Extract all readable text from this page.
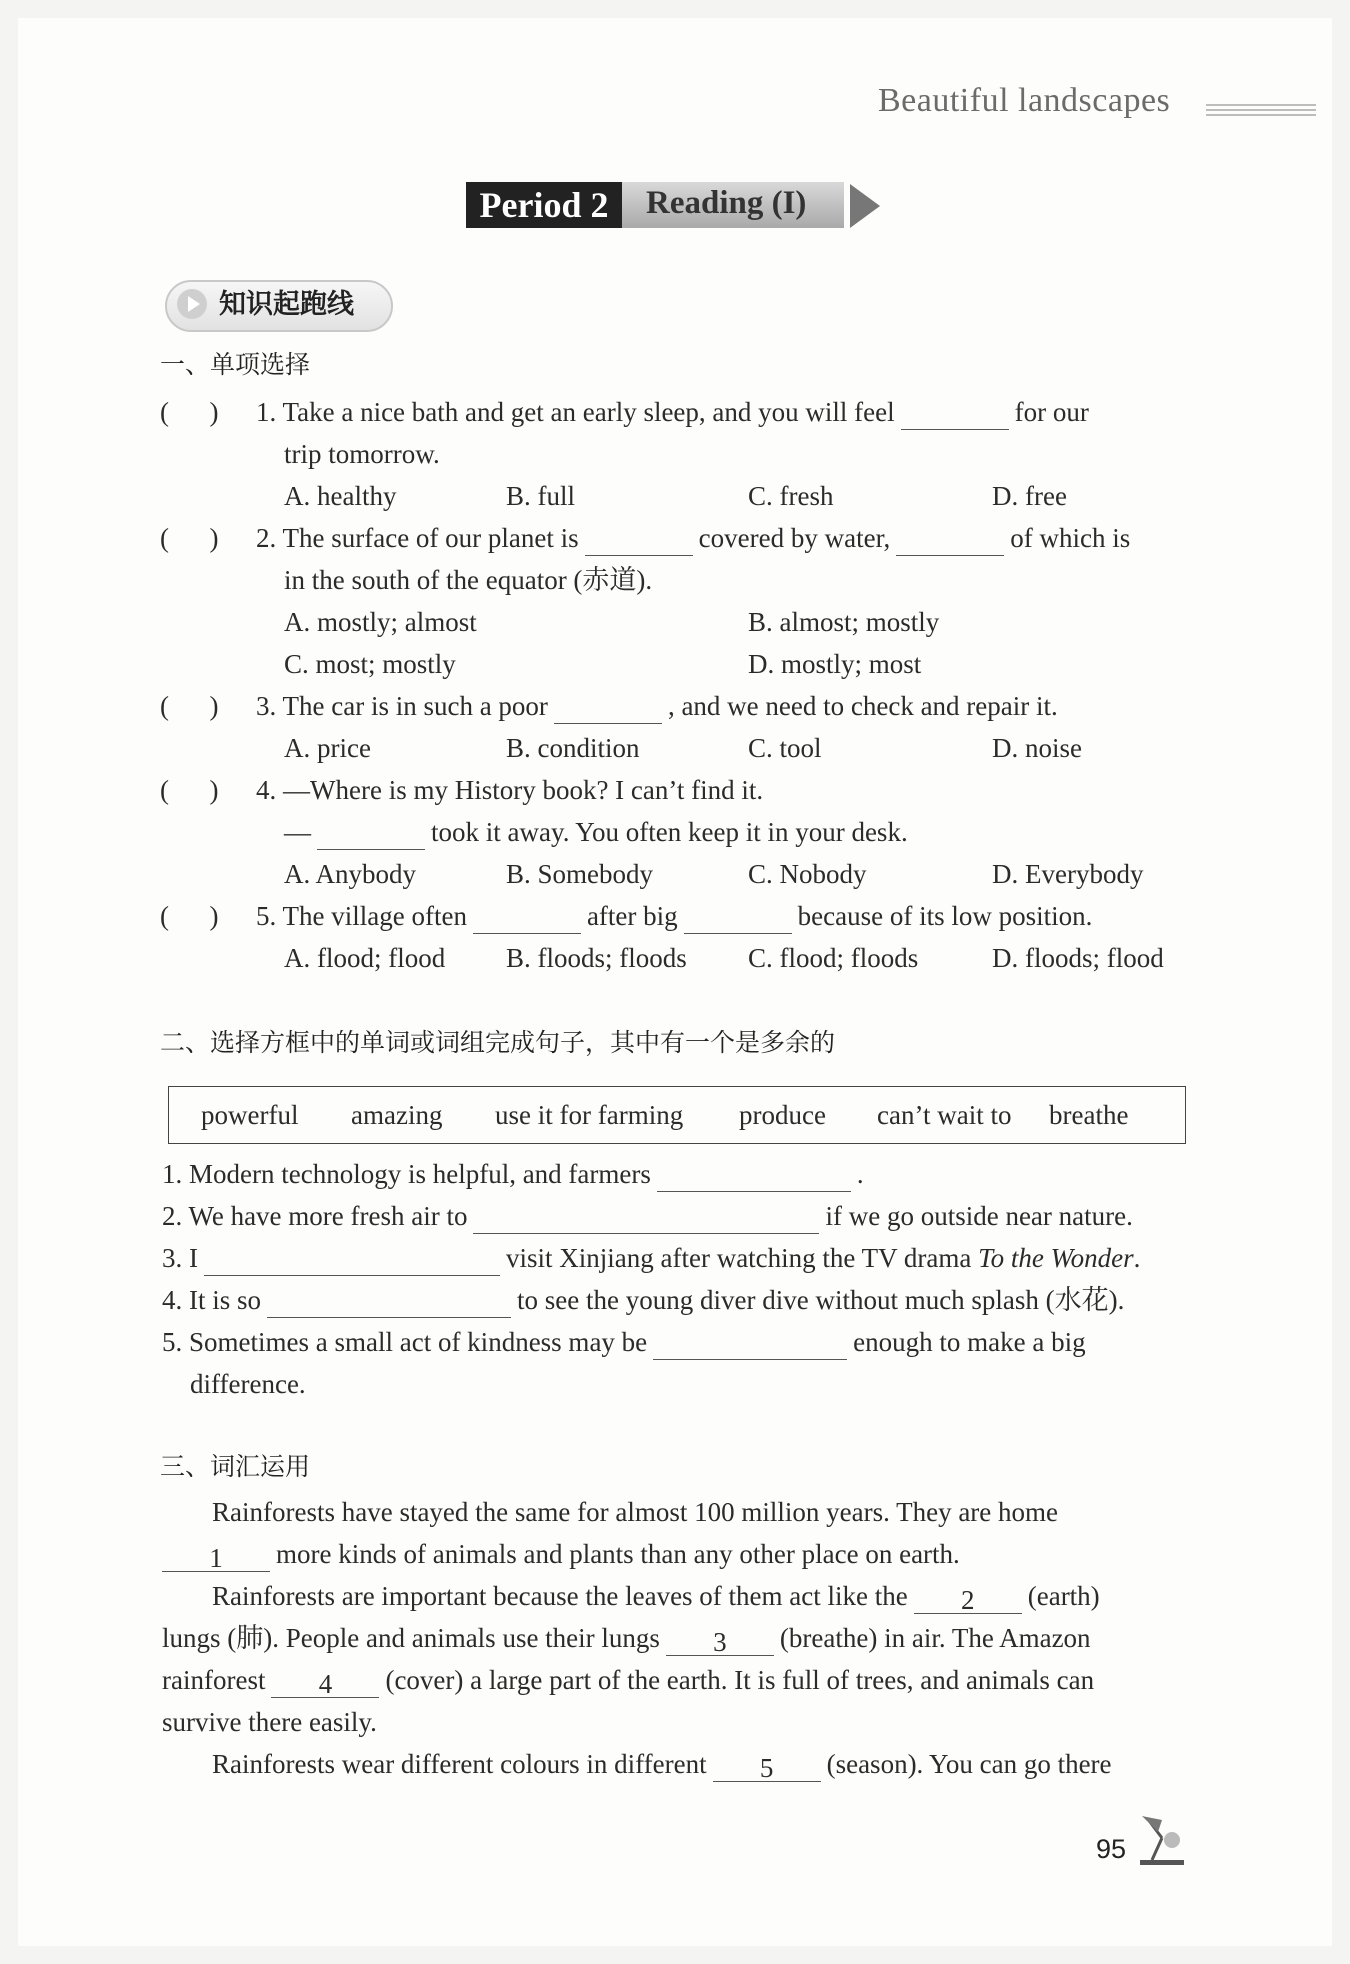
Beautiful landscapes
Period 2	Reading (I)
知识起跑线
一、单项选择
(      ) 1. Take a nice bath and get an early sleep, and you will feel	for our
trip tomorrow.
A. healthy	B. full	C. fresh	D. free
(      ) 2. The surface of our planet is	covered by water,	of which is
in the south of the equator (赤道).
A. mostly; almost	B. almost; mostly
C. most; mostly	D. mostly; most
(      ) 3. The car is in such a poor	, and we need to check and repair it.
A. price	B. condition	C. tool	D. noise
(      ) 4. —Where is my History book? I can’t find it.
—	took it away. You often keep it in your desk.
A. Anybody	B. Somebody	C. Nobody	D. Everybody
(      ) 5. The village often	after big	because of its low position.
A. flood; flood B. floods; floods C. flood; floods	D. floods; flood
二、选择方框中的单词或词组完成句子，其中有一个是多余的
powerful amazing use it for farming produce can’t wait to breathe
1. Modern technology is helpful, and farmers	.
2. We have more fresh air to	if we go outside near nature.
3. I	visit Xinjiang after watching the TV drama To the Wonder.
4. It is so	to see the young diver dive without much splash (水花).
5. Sometimes a small act of kindness may be	enough to make a big
difference.
三、词汇运用
Rainforests have stayed the same for almost 100 million years. They are home
1 more kinds of animals and plants than any other place on earth.
Rainforests are important because the leaves of them act like the 2 (earth)
lungs (肺). People and animals use their lungs 3 (breathe) in air. The Amazon
rainforest 4 (cover) a large part of the earth. It is full of trees, and animals can
survive there easily.
Rainforests wear different colours in different 5 (season). You can go there
95
